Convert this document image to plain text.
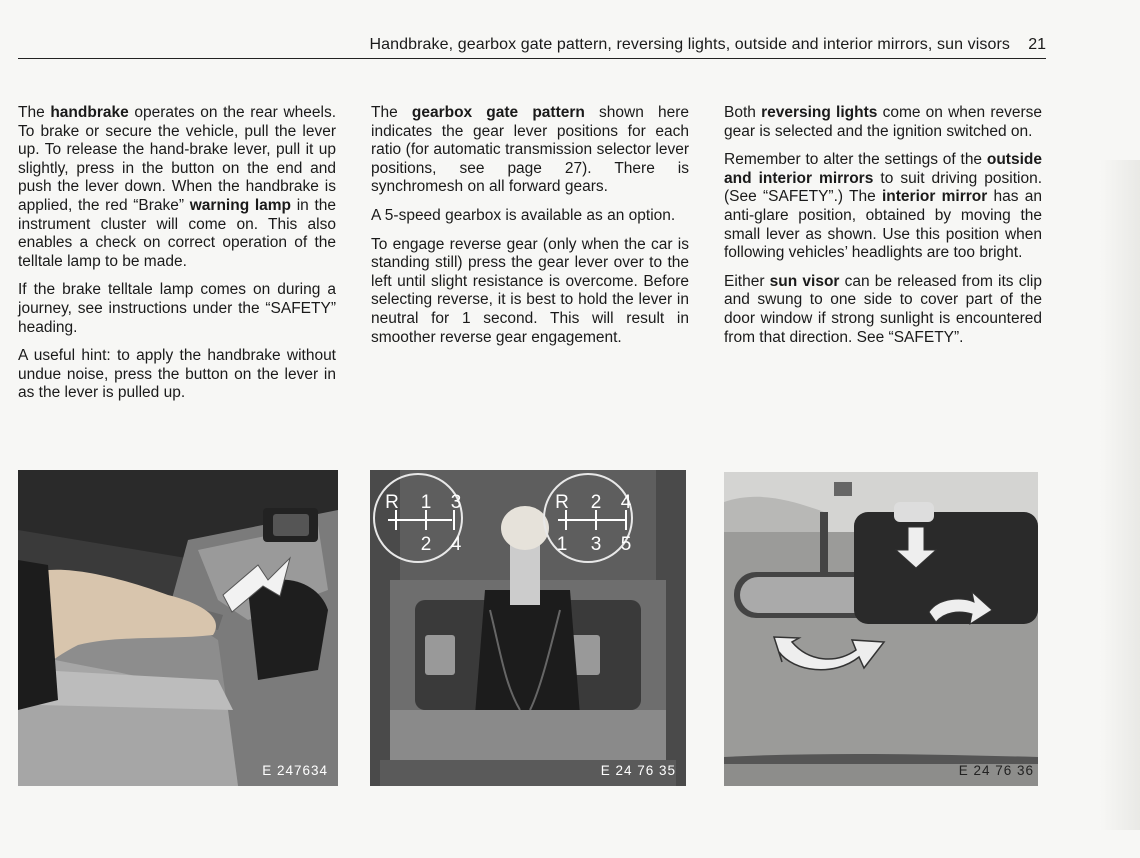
Handbrake, gearbox gate pattern, reversing lights, outside and interior mirrors, sun visors 21

The handbrake operates on the rear wheels. To brake or secure the vehicle, pull the lever up. To release the hand-brake lever, pull it up slightly, press in the button on the end and push the lever down. When the handbrake is applied, the red “Brake” warning lamp in the instrument cluster will come on. This also enables a check on correct operation of the telltale lamp to be made.

If the brake telltale lamp comes on during a journey, see instructions under the “SAFETY” heading.

A useful hint: to apply the handbrake without undue noise, press the button on the lever in as the lever is pulled up.

The gearbox gate pattern shown here indicates the gear lever positions for each ratio (for automatic transmission selector lever positions, see page 27). There is synchromesh on all forward gears.

A 5-speed gearbox is available as an option.

To engage reverse gear (only when the car is standing still) press the gear lever over to the left until slight resistance is overcome. Before selecting reverse, it is best to hold the lever in neutral for 1 second. This will result in smoother reverse gear engagement.

Both reversing lights come on when reverse gear is selected and the ignition switched on.

Remember to alter the settings of the outside and interior mirrors to suit driving position. (See “SAFETY”.) The interior mirror has an anti-glare position, obtained by moving the small lever as shown. Use this position when following vehicles’ headlights are too bright.

Either sun visor can be released from its clip and swung to one side to cover part of the door window if strong sunlight is encountered from that direction. See “SAFETY”.

E 247634
R 1 3
2 4
R 2 4
1 3 5
E 24 76 35	E 24 76 36
